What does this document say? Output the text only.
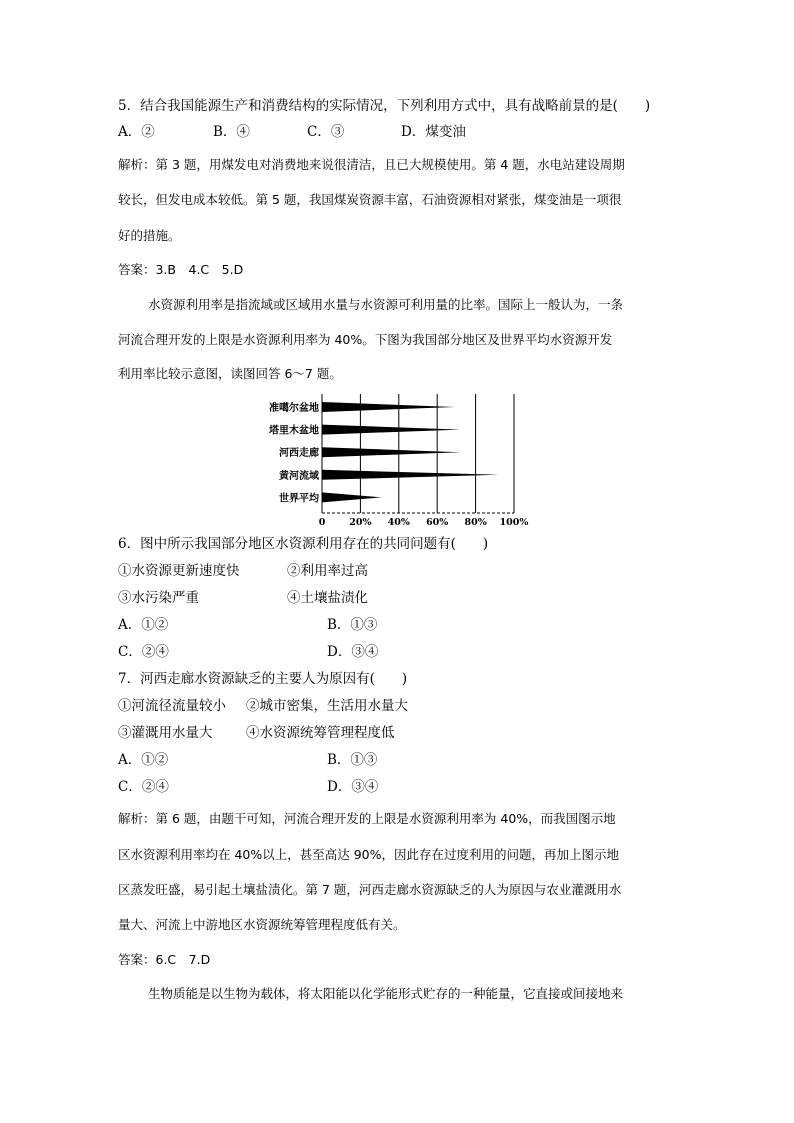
5．结合我国能源生产和消费结构的实际情况，下列利用方式中，具有战略前景的是(　　)
A．②	B．④	C．③	D．煤变油
解析：第 3 题，用煤发电对消费地来说很清洁，且已大规模使用。第 4 题，水电站建设周期
较长，但发电成本较低。第 5 题，我国煤炭资源丰富，石油资源相对紧张，煤变油是一项很
好的措施。
答案：3.B　4.C　5.D
水资源利用率是指流域或区域用水量与水资源可利用量的比率。国际上一般认为，一条
河流合理开发的上限是水资源利用率为 40%。下图为我国部分地区及世界平均水资源开发
利用率比较示意图，读图回答 6～7 题。
准噶尔盆地
塔里木盆地
河西走廊
黄河流域
世界平均
0	20% 40% 60% 80% 100%
6．图中所示我国部分地区水资源利用存在的共同问题有(　　)
①水资源更新速度快	②利用率过高
③水污染严重	④土壤盐渍化
A．①②	B．①③
C．②④	D．③④
7．河西走廊水资源缺乏的主要人为原因有(　　)
①河流径流量较小 ②城市密集，生活用水量大
③灌溉用水量大 ④水资源统筹管理程度低
A．①②	B．①③
C．②④	D．③④
解析：第 6 题，由题干可知，河流合理开发的上限是水资源利用率为 40%，而我国图示地
区水资源利用率均在 40%以上，甚至高达 90%，因此存在过度利用的问题，再加上图示地
区蒸发旺盛，易引起土壤盐渍化。第 7 题，河西走廊水资源缺乏的人为原因与农业灌溉用水
量大、河流上中游地区水资源统筹管理程度低有关。
答案：6.C　7.D
生物质能是以生物为载体，将太阳能以化学能形式贮存的一种能量，它直接或间接地来
